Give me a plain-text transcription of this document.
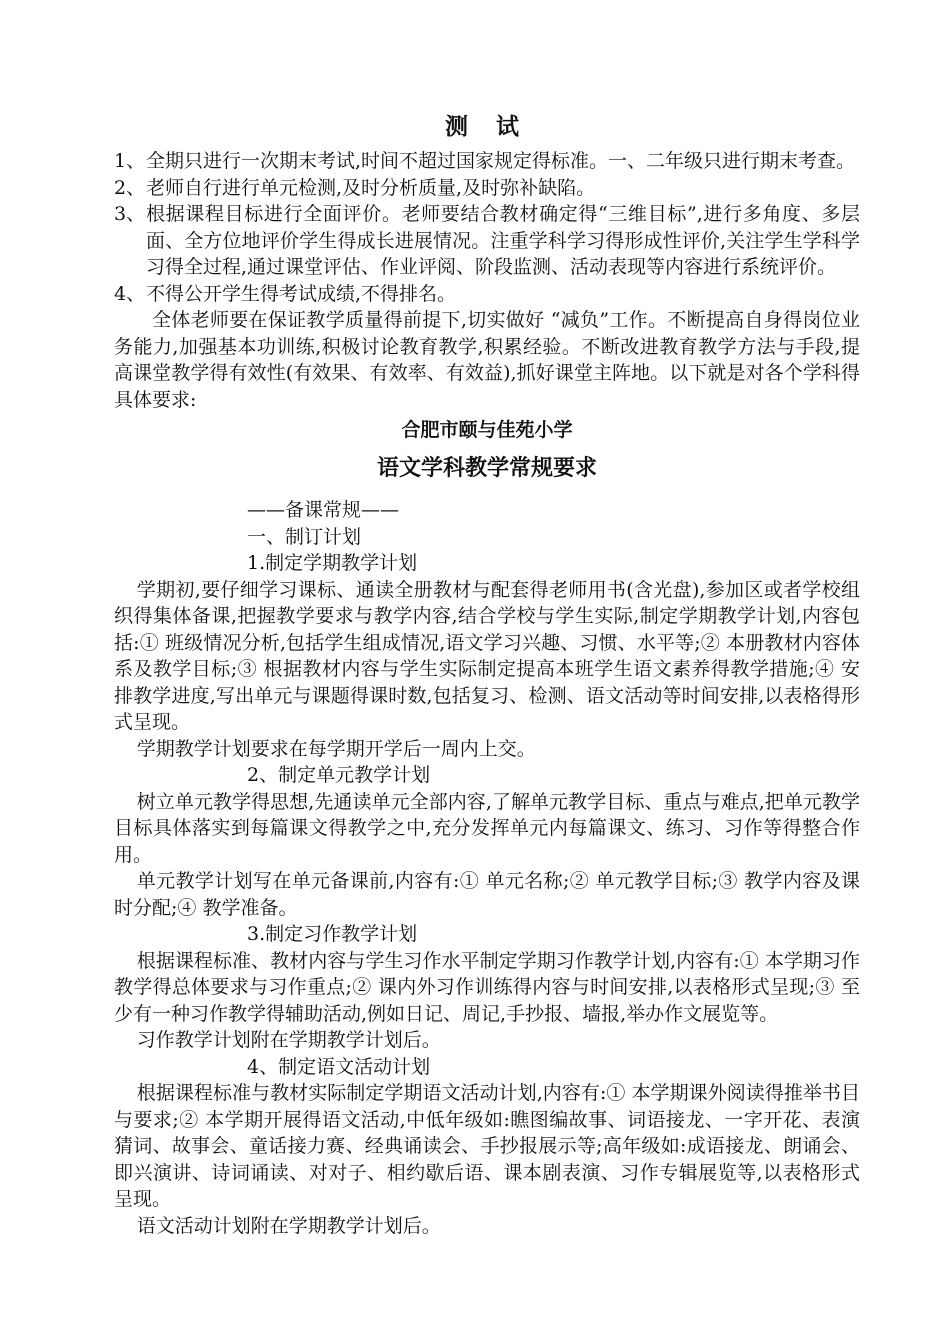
测 试
1、 全期只进行一次期末考试,时间不超过国家规定得标准。一、二年级只进行期末考查。
2、 老师自行进行单元检测,及时分析质量,及时弥补缺陷。
3、 根据课程目标进行全面评价。老师要结合教材确定得“三维目标”,进行多角度、多层面、全方位地评价学生得成长进展情况。注重学科学习得形成性评价,关注学生学科学习得全过程,通过课堂评估、作业评阅、阶段监测、活动表现等内容进行系统评价。
4、 不得公开学生得考试成绩,不得排名。
全体老师要在保证教学质量得前提下,切实做好 “减负”工作。不断提高自身得岗位业务能力,加强基本功训练,积极讨论教育教学,积累经验。不断改进教育教学方法与手段,提高课堂教学得有效性(有效果、有效率、有效益),抓好课堂主阵地。以下就是对各个学科得具体要求:
合肥市颐与佳苑小学
语文学科教学常规要求
——备课常规——
一、制订计划
1.制定学期教学计划
学期初,要仔细学习课标、通读全册教材与配套得老师用书(含光盘),参加区或者学校组织得集体备课,把握教学要求与教学内容,结合学校与学生实际,制定学期教学计划,内容包括:① 班级情况分析,包括学生组成情况,语文学习兴趣、习惯、水平等;② 本册教材内容体系及教学目标;③ 根据教材内容与学生实际制定提高本班学生语文素养得教学措施;④ 安排教学进度,写出单元与课题得课时数,包括复习、检测、语文活动等时间安排,以表格得形式呈现。
学期教学计划要求在每学期开学后一周内上交。
2、制定单元教学计划
树立单元教学得思想,先通读单元全部内容,了解单元教学目标、重点与难点,把单元教学目标具体落实到每篇课文得教学之中,充分发挥单元内每篇课文、练习、习作等得整合作用。
单元教学计划写在单元备课前,内容有:① 单元名称;② 单元教学目标;③ 教学内容及课时分配;④ 教学准备。
3.制定习作教学计划
根据课程标准、教材内容与学生习作水平制定学期习作教学计划,内容有:① 本学期习作教学得总体要求与习作重点;② 课内外习作训练得内容与时间安排,以表格形式呈现;③ 至少有一种习作教学得辅助活动,例如日记、周记,手抄报、墙报,举办作文展览等。
习作教学计划附在学期教学计划后。
4、制定语文活动计划
根据课程标准与教材实际制定学期语文活动计划,内容有:① 本学期课外阅读得推举书目与要求;② 本学期开展得语文活动,中低年级如:瞧图编故事、词语接龙、一字开花、表演猜词、故事会、童话接力赛、经典诵读会、手抄报展示等;高年级如:成语接龙、朗诵会、即兴演讲、诗词诵读、对对子、相约歇后语、课本剧表演、习作专辑展览等,以表格形式呈现。
语文活动计划附在学期教学计划后。
